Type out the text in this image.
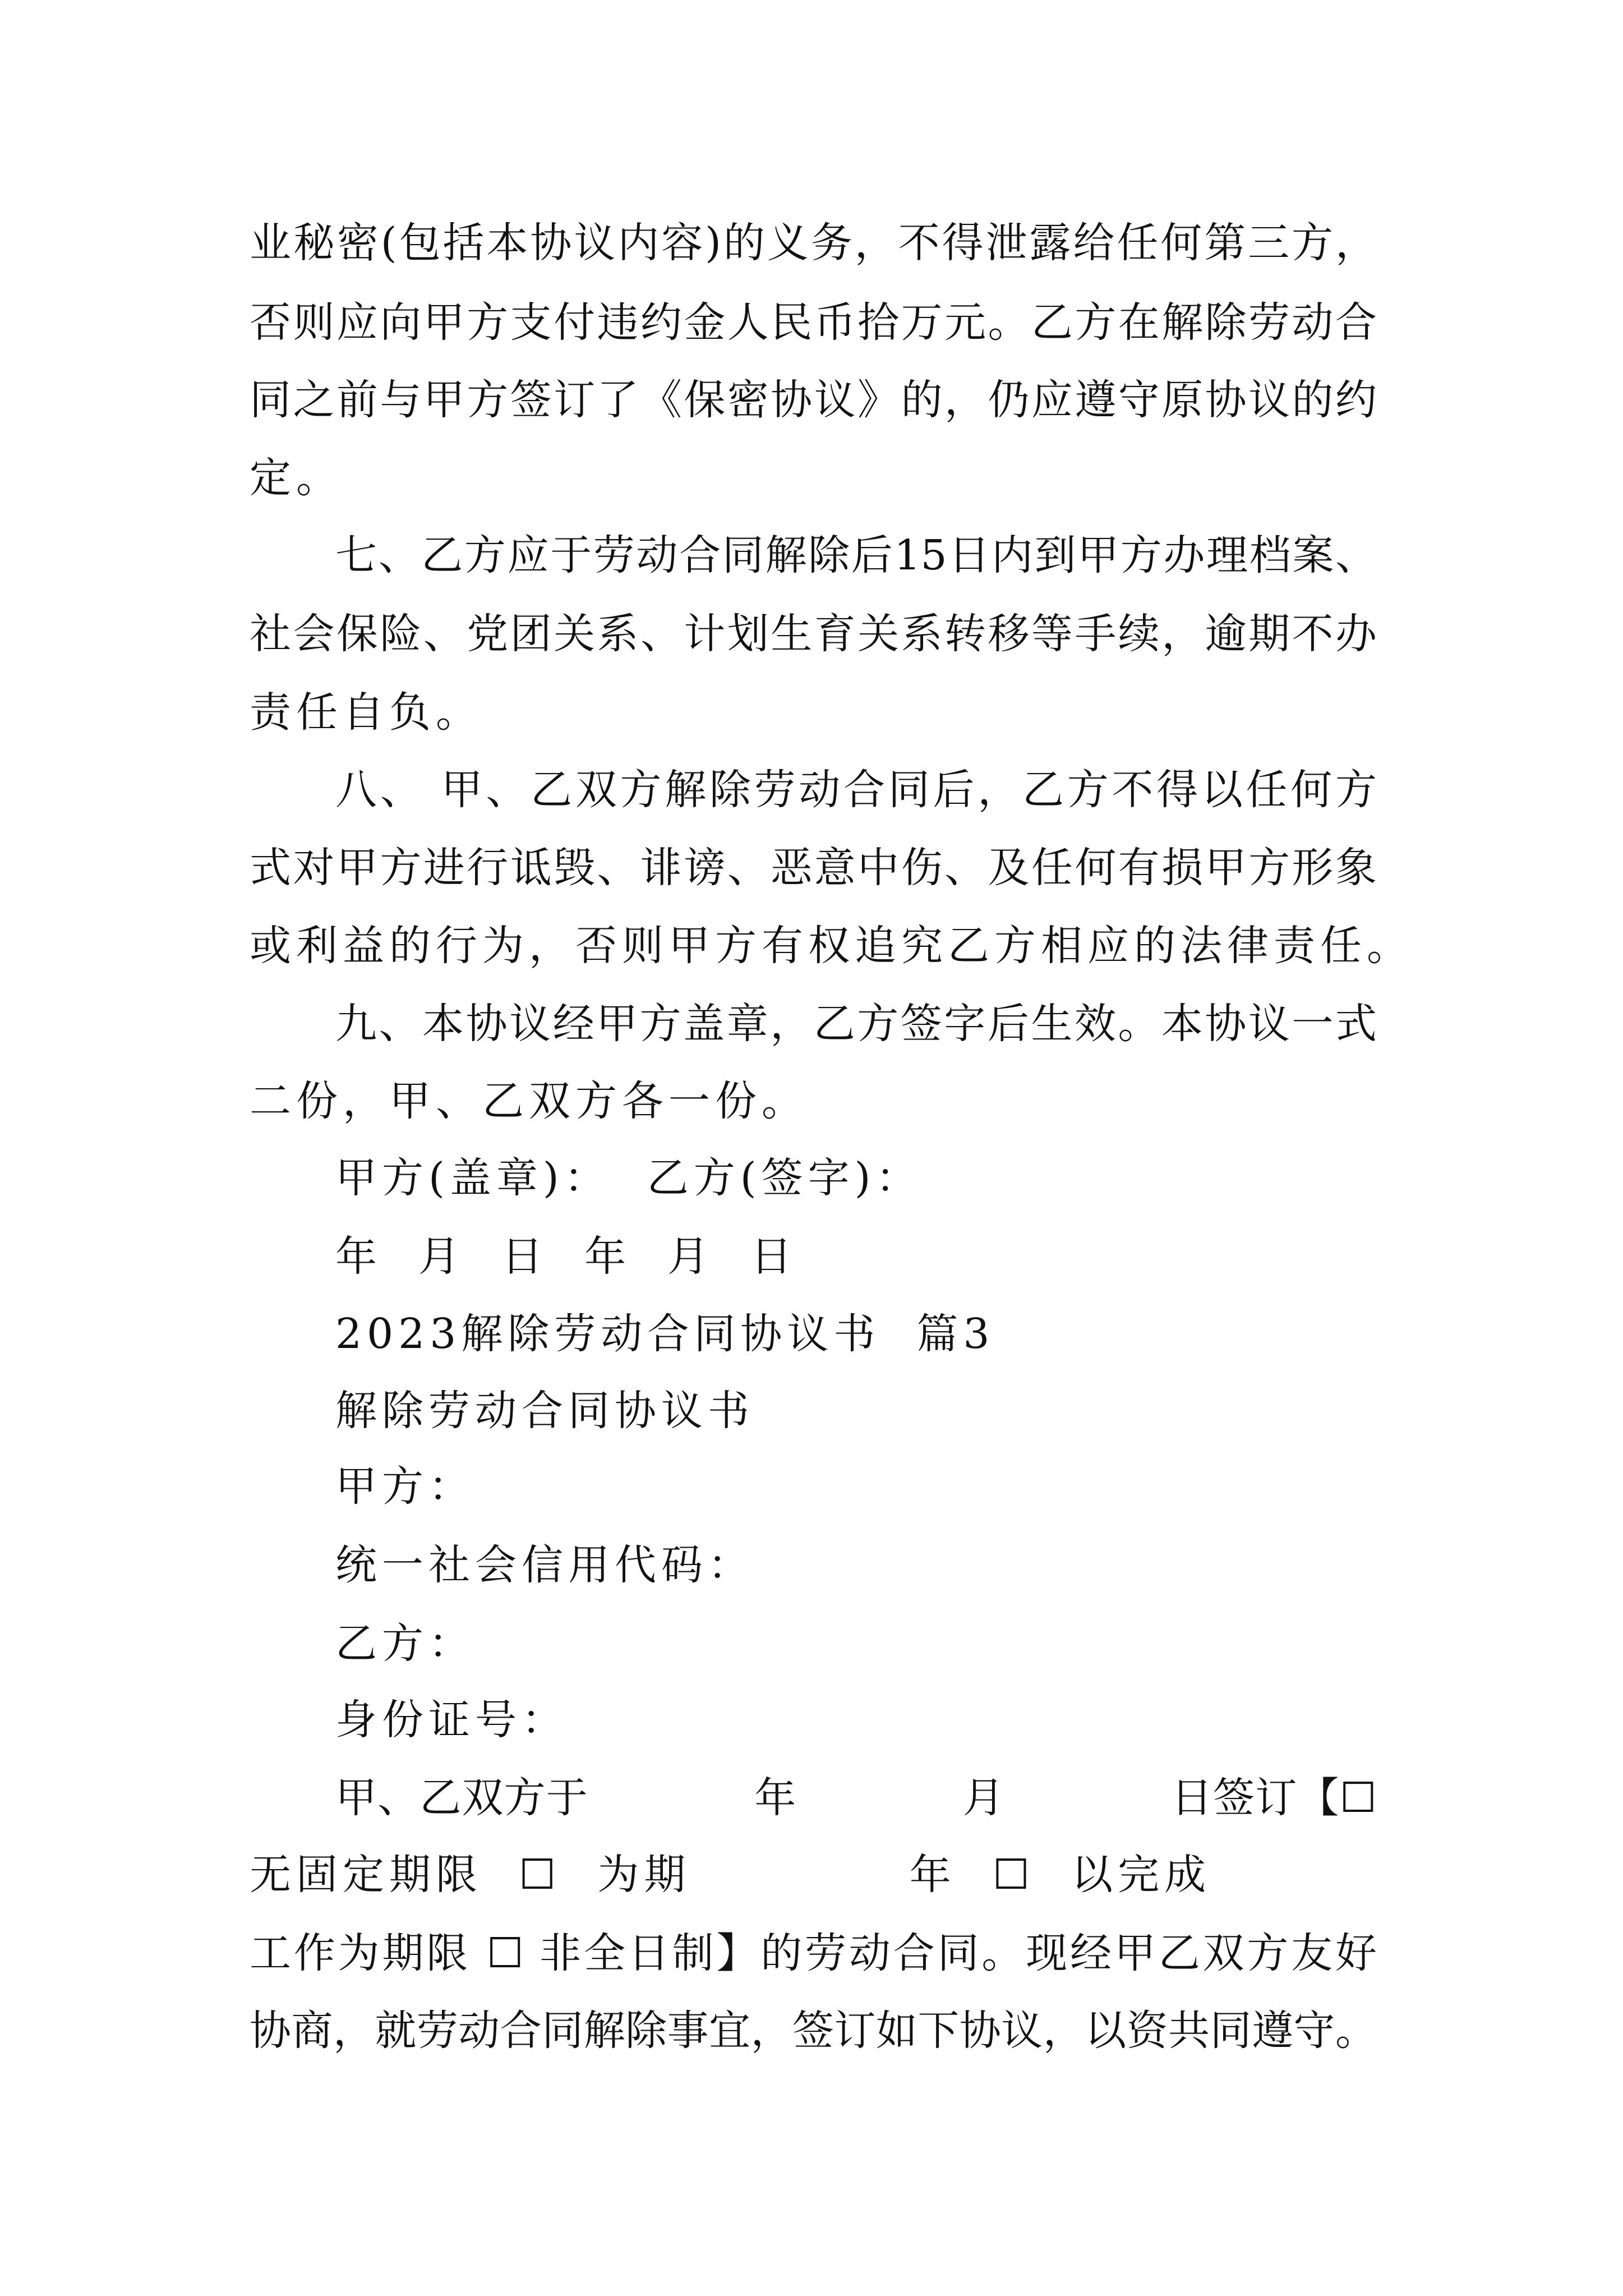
业秘密(包括本协议内容)的义务，不得泄露给任何第三方，
否则应向甲方支付违约金人民币拾万元。乙方在解除劳动合
同之前与甲方签订了《保密协议》的，仍应遵守原协议的约
定。
七、乙方应于劳动合同解除后15日内到甲方办理档案、
社会保险、党团关系、计划生育关系转移等手续，逾期不办
责任自负。
八、 甲、乙双方解除劳动合同后，乙方不得以任何方
式对甲方进行诋毁、诽谤、恶意中伤、及任何有损甲方形象
或利益的行为，否则甲方有权追究乙方相应的法律责任。
九、本协议经甲方盖章，乙方签字后生效。本协议一式
二份，甲、乙双方各一份。
甲方(盖章)：  乙方(签字)：
年  月  日  年  月  日
2023解除劳动合同协议书  篇3
解除劳动合同协议书
甲方：
统一社会信用代码：
乙方：
身份证号：
甲、乙双方于            年            月            日签订【☐
无固定期限  ☐  为期            年  ☐  以完成
工作为期限 ☐ 非全日制】的劳动合同。现经甲乙双方友好
协商，就劳动合同解除事宜，签订如下协议，以资共同遵守。
